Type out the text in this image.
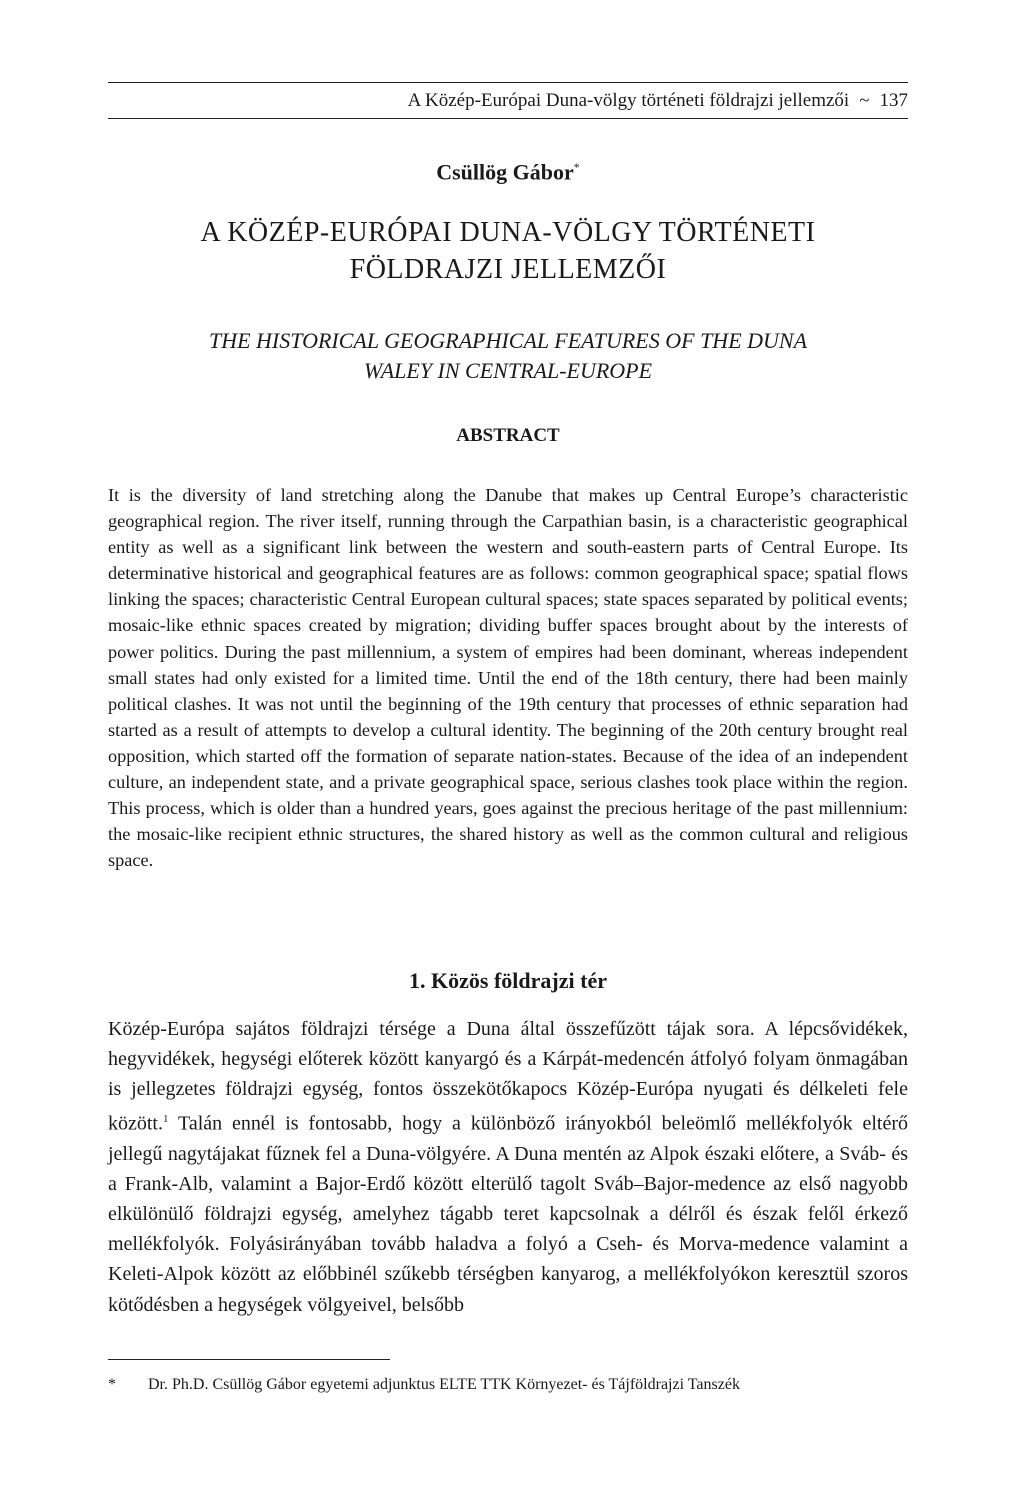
A Közép-Európai Duna-völgy történeti földrajzi jellemzői ~ 137
Csüllög Gábor*
A KÖZÉP-EURÓPAI DUNA-VÖLGY TÖRTÉNETI
FÖLDRAJZI JELLEMZŐI
THE HISTORICAL GEOGRAPHICAL FEATURES OF THE DUNA
WALEY IN CENTRAL-EUROPE
ABSTRACT

It is the diversity of land stretching along the Danube that makes up Central Europe’s characteristic geographical region. The river itself, running through the Carpathian basin, is a characteristic geographical entity as well as a significant link between the western and south-eastern parts of Central Europe. Its determinative historical and geographical features are as follows: common geographical space; spatial flows linking the spaces; characteristic Central European cultural spaces; state spaces separated by political events; mosaic-like ethnic spaces created by migration; dividing buffer spaces brought about by the interests of power politics. During the past millennium, a system of empires had been dominant, whereas independent small states had only existed for a limited time. Until the end of the 18th century, there had been mainly political clashes. It was not until the beginning of the 19th century that processes of ethnic separation had started as a result of attempts to develop a cultural identity. The beginning of the 20th century brought real opposition, which started off the formation of separate nation-states. Because of the idea of an independent culture, an independent state, and a private geographical space, serious clashes took place within the region. This process, which is older than a hundred years, goes against the precious heritage of the past millennium: the mosaic-like recipient ethnic structures, the shared history as well as the common cultural and religious space.

1. Közös földrajzi tér

Közép-Európa sajátos földrajzi térsége a Duna által összefűzött tájak sora. A lépcsővidékek, hegyvidékek, hegységi előterek között kanyargó és a Kárpát-medencén átfolyó folyam önmagában is jellegzetes földrajzi egység, fontos összekötőkapocs Közép-Európa nyugati és délkeleti fele között.$^1$ Talán ennél is fontosabb, hogy a különböző irányokból beleömlő mellékfolyók eltérő jellegű nagytájakat fűznek fel a Duna-völgyére. A Duna mentén az Alpok északi előtere, a Sváb- és a Frank-Alb, valamint a Bajor-Erdő között elterülő tagolt Sváb–Bajor-medence az első nagyobb elkülönülő földrajzi egység, amelyhez tágabb teret kapcsolnak a délről és észak felől érkező mellékfolyók. Folyásirányában tovább haladva a folyó a Cseh- és Morva-medence valamint a Keleti-Alpok között az előbbinél szűkebb térségben kanyarog, a mellékfolyókon keresztül szoros kötődésben a hegységek völgyeivel, belsőbb

* Dr. Ph.D. Csüllög Gábor egyetemi adjunktus ELTE TTK Környezet- és Tájföldrajzi Tanszék
